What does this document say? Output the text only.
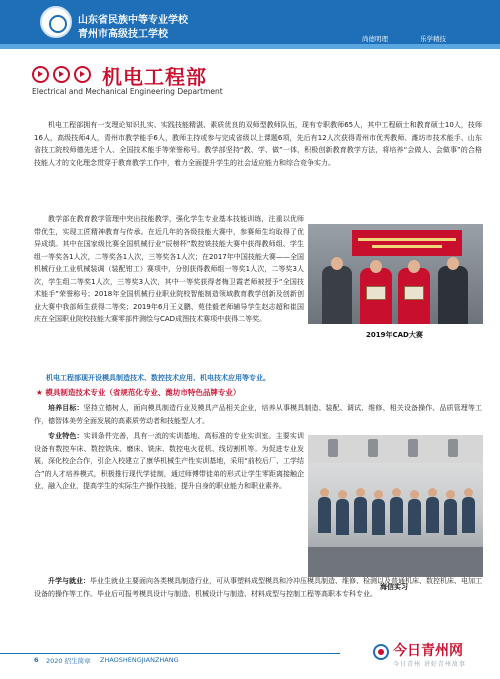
山东省民族中等专业学校
青州市高级技工学校	尚德明理	乐学精技
机电工程部
Electrical and Mechanical Engineering Department
机电工程部拥有一支理论知识扎实、实践技能精湛、素质优良的双师型教师队伍，现有专职教师65人，其中工程硕士和教育硕士10人，技师16人，高级技师4人，青州市教学能手6人，教师主持或参与完成省级以上课题6项，先后有12人次获得青州市优秀教师、潍坊市技术能手、山东省技工院校师德先进个人、全国技术能手等荣誉称号。教学部坚持“教、学、做”一体，积极创新教育教学方法，将培养“会做人、会做事”的合格技能人才的文化理念贯穿于教育教学工作中，着力全面提升学生的社会适应能力和综合竞争实力。
教学部在教育教学管理中突出技能教学，强化学生专业基本技能训练，注重以优师带优生，实现工匠精神教育与传承。在近几年的各级技能大赛中，参赛师生均取得了优异成绩。其中在国家级比赛全国机械行业“辰榜杯”数控铣技能大赛中获得教师组、学生组一等奖各1人次，二等奖各1人次，三等奖各1人次；在2017年中国技能大赛——全国机械行业工业机械装调（装配钳工）赛项中，分别获得教师组一等奖1人次，二等奖3人次，学生组二等奖1人次，三等奖3人次，其中一等奖获得者梅卫霞老师被授予“全国技术能手”荣誉称号；2018年全国机械行业职业院校智能制造领域教育教学创新及创新创业大赛中我部师生获得二等奖；2019年6月王义鹏、苑佳毅老师辅导学生赵志超和崔国庆在全国职业院校技能大赛零部件测绘与CAD成图技术赛项中获得二等奖。
2019年CAD大赛
机电工程部现开设模具制造技术、数控技术应用、机电技术应用等专业。
★ 模具制造技术专业（省规范化专业、潍坊市特色品牌专业）
培养目标：坚持立德树人，面向模具制造行业及模具产品相关企业，培养从事模具制造、装配、调试、维修、相关设备操作、品质管理等工作，德智体美劳全面发展的高素质劳动者和技能型人才。
专业特色：实训条件完善，具有一流的实训基地、高标准的专业实训室。主要实训设备有数控车床、数控铣床、磨床、铣床、数控电火花机、线切割机等。为促进专业发展，深化校企合作，引企入校建立了康华机械生产性实训基地，采用“前校后厂、工学结合”的人才培养模式，积极推行现代学徒制，通过师傅带徒弟的形式让学生零距离接触企业，融入企业，提高学生的实际生产操作技能，提升自身的职业能力和职业素养。
海信实习
升学与就业：毕业生就业主要面向各类模具制造行业，可从事塑料成型模具和冷冲压模具制造、维修、检测以及普通机床、数控机床、电加工设备的操作等工作。毕业后可报考模具设计与制造、机械设计与制造、材料成型与控制工程等高职本专科专业。
6 2020 招生简章 ZHAOSHENGJIANZHANG
今日青州网
今日青州 讲好青州故事
